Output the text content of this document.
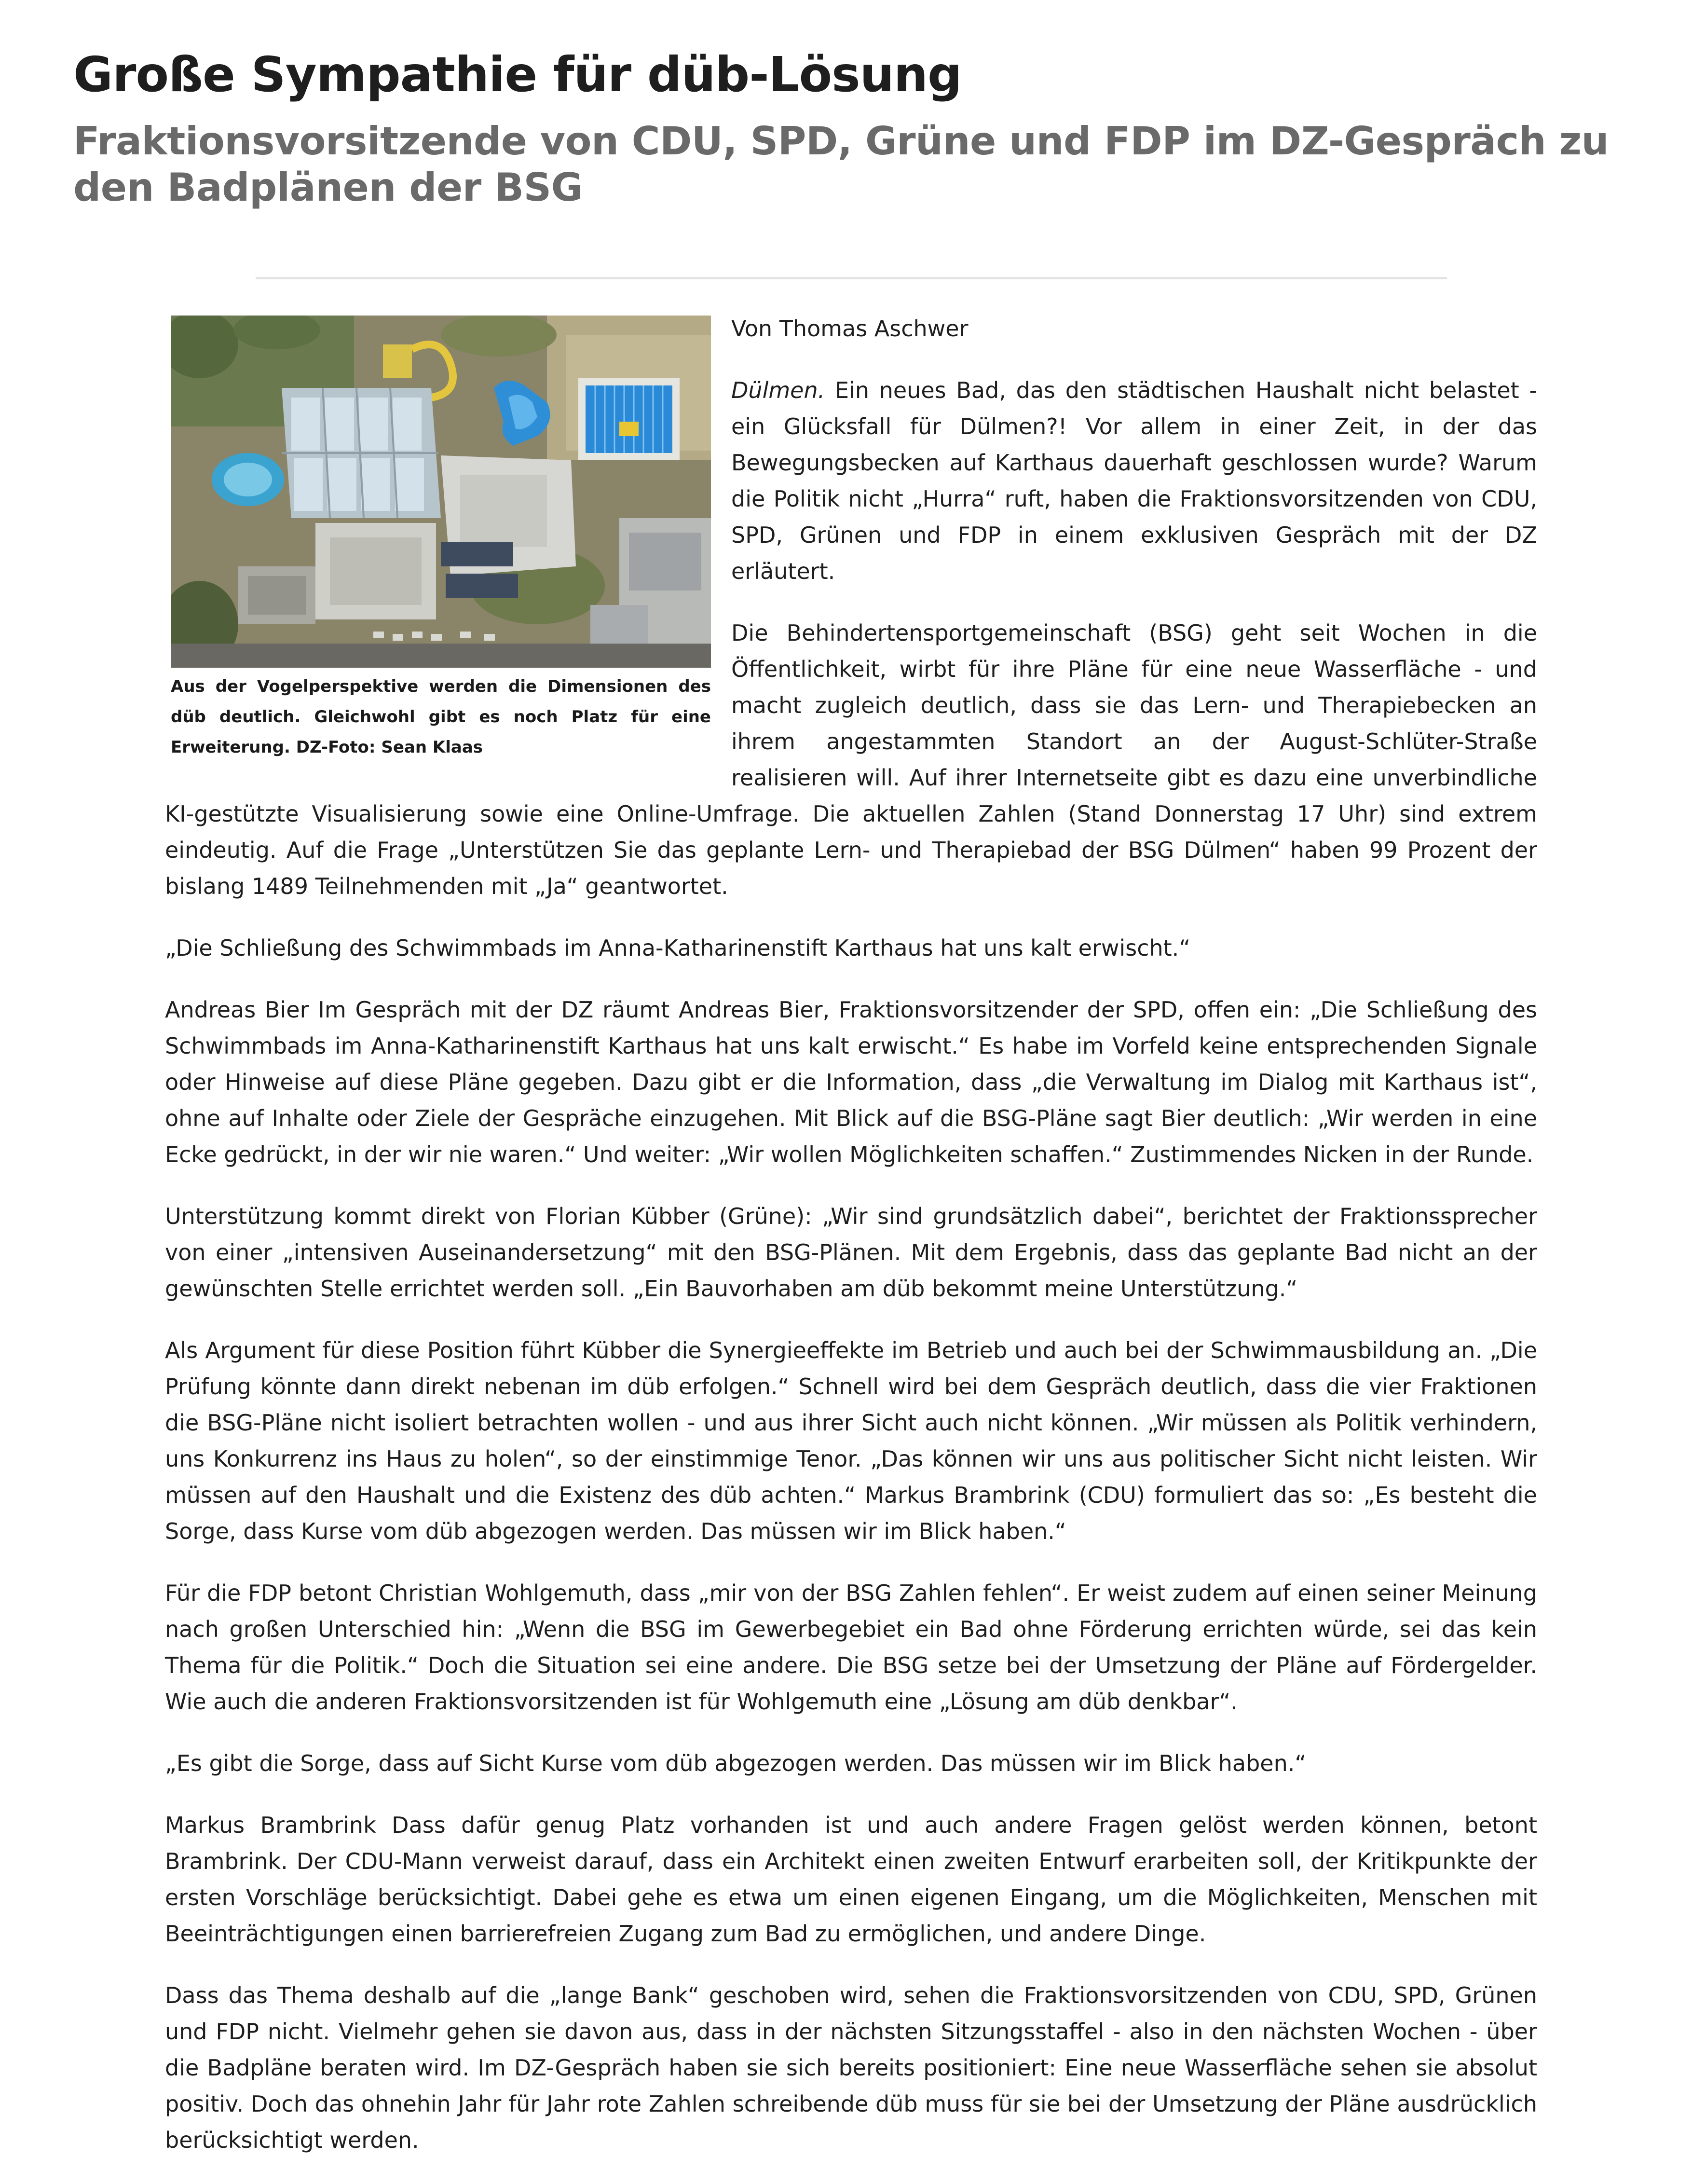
Große Sympathie für düb-Lösung
Fraktionsvorsitzende von CDU, SPD, Grüne und FDP im DZ-Gespräch zu den Badplänen der BSG
Aus der Vogelperspektive werden die Dimensionen des düb deutlich. Gleichwohl gibt es noch Platz für eine Erweiterung. DZ-Foto: Sean Klaas

Von Thomas Aschwer

Dülmen. Ein neues Bad, das den städtischen Haushalt nicht belastet - ein Glücksfall für Dülmen?! Vor allem in einer Zeit, in der das Bewegungsbecken auf Karthaus dauerhaft geschlossen wurde? Warum die Politik nicht „Hurra“ ruft, haben die Fraktionsvorsitzenden von CDU, SPD, Grünen und FDP in einem exklusiven Gespräch mit der DZ erläutert.

Die Behindertensportgemeinschaft (BSG) geht seit Wochen in die Öffentlichkeit, wirbt für ihre Pläne für eine neue Wasserfläche - und macht zugleich deutlich, dass sie das Lern- und Therapiebecken an ihrem angestammten Standort an der August-Schlüter-Straße realisieren will. Auf ihrer Internetseite gibt es dazu eine unverbindliche KI-gestützte Visualisierung sowie eine Online-Umfrage. Die aktuellen Zahlen (Stand Donnerstag 17 Uhr) sind extrem eindeutig. Auf die Frage „Unterstützen Sie das geplante Lern- und Therapiebad der BSG Dülmen“ haben 99 Prozent der bislang 1489 Teilnehmenden mit „Ja“ geantwortet.

„Die Schließung des Schwimmbads im Anna-Katharinenstift Karthaus hat uns kalt erwischt.“

Andreas Bier Im Gespräch mit der DZ räumt Andreas Bier, Fraktionsvorsitzender der SPD, offen ein: „Die Schließung des Schwimmbads im Anna-Katharinenstift Karthaus hat uns kalt erwischt.“ Es habe im Vorfeld keine entsprechenden Signale oder Hinweise auf diese Pläne gegeben. Dazu gibt er die Information, dass „die Verwaltung im Dialog mit Karthaus ist“, ohne auf Inhalte oder Ziele der Gespräche einzugehen. Mit Blick auf die BSG-Pläne sagt Bier deutlich: „Wir werden in eine Ecke gedrückt, in der wir nie waren.“ Und weiter: „Wir wollen Möglichkeiten schaffen.“ Zustimmendes Nicken in der Runde.

Unterstützung kommt direkt von Florian Kübber (Grüne): „Wir sind grundsätzlich dabei“, berichtet der Fraktionssprecher von einer „intensiven Auseinandersetzung“ mit den BSG-Plänen. Mit dem Ergebnis, dass das geplante Bad nicht an der gewünschten Stelle errichtet werden soll. „Ein Bauvorhaben am düb bekommt meine Unterstützung.“

Als Argument für diese Position führt Kübber die Synergieeffekte im Betrieb und auch bei der Schwimmausbildung an. „Die Prüfung könnte dann direkt nebenan im düb erfolgen.“ Schnell wird bei dem Gespräch deutlich, dass die vier Fraktionen die BSG-Pläne nicht isoliert betrachten wollen - und aus ihrer Sicht auch nicht können. „Wir müssen als Politik verhindern, uns Konkurrenz ins Haus zu holen“, so der einstimmige Tenor. „Das können wir uns aus politischer Sicht nicht leisten. Wir müssen auf den Haushalt und die Existenz des düb achten.“ Markus Brambrink (CDU) formuliert das so: „Es besteht die Sorge, dass Kurse vom düb abgezogen werden. Das müssen wir im Blick haben.“

Für die FDP betont Christian Wohlgemuth, dass „mir von der BSG Zahlen fehlen“. Er weist zudem auf einen seiner Meinung nach großen Unterschied hin: „Wenn die BSG im Gewerbegebiet ein Bad ohne Förderung errichten würde, sei das kein Thema für die Politik.“ Doch die Situation sei eine andere. Die BSG setze bei der Umsetzung der Pläne auf Fördergelder. Wie auch die anderen Fraktionsvorsitzenden ist für Wohlgemuth eine „Lösung am düb denkbar“.

„Es gibt die Sorge, dass auf Sicht Kurse vom düb abgezogen werden. Das müssen wir im Blick haben.“

Markus Brambrink Dass dafür genug Platz vorhanden ist und auch andere Fragen gelöst werden können, betont Brambrink. Der CDU-Mann verweist darauf, dass ein Architekt einen zweiten Entwurf erarbeiten soll, der Kritikpunkte der ersten Vorschläge berücksichtigt. Dabei gehe es etwa um einen eigenen Eingang, um die Möglichkeiten, Menschen mit Beeinträchtigungen einen barrierefreien Zugang zum Bad zu ermöglichen, und andere Dinge.

Dass das Thema deshalb auf die „lange Bank“ geschoben wird, sehen die Fraktionsvorsitzenden von CDU, SPD, Grünen und FDP nicht. Vielmehr gehen sie davon aus, dass in der nächsten Sitzungsstaffel - also in den nächsten Wochen - über die Badpläne beraten wird. Im DZ-Gespräch haben sie sich bereits positioniert: Eine neue Wasserfläche sehen sie absolut positiv. Doch das ohnehin Jahr für Jahr rote Zahlen schreibende düb muss für sie bei der Umsetzung der Pläne ausdrücklich berücksichtigt werden.
